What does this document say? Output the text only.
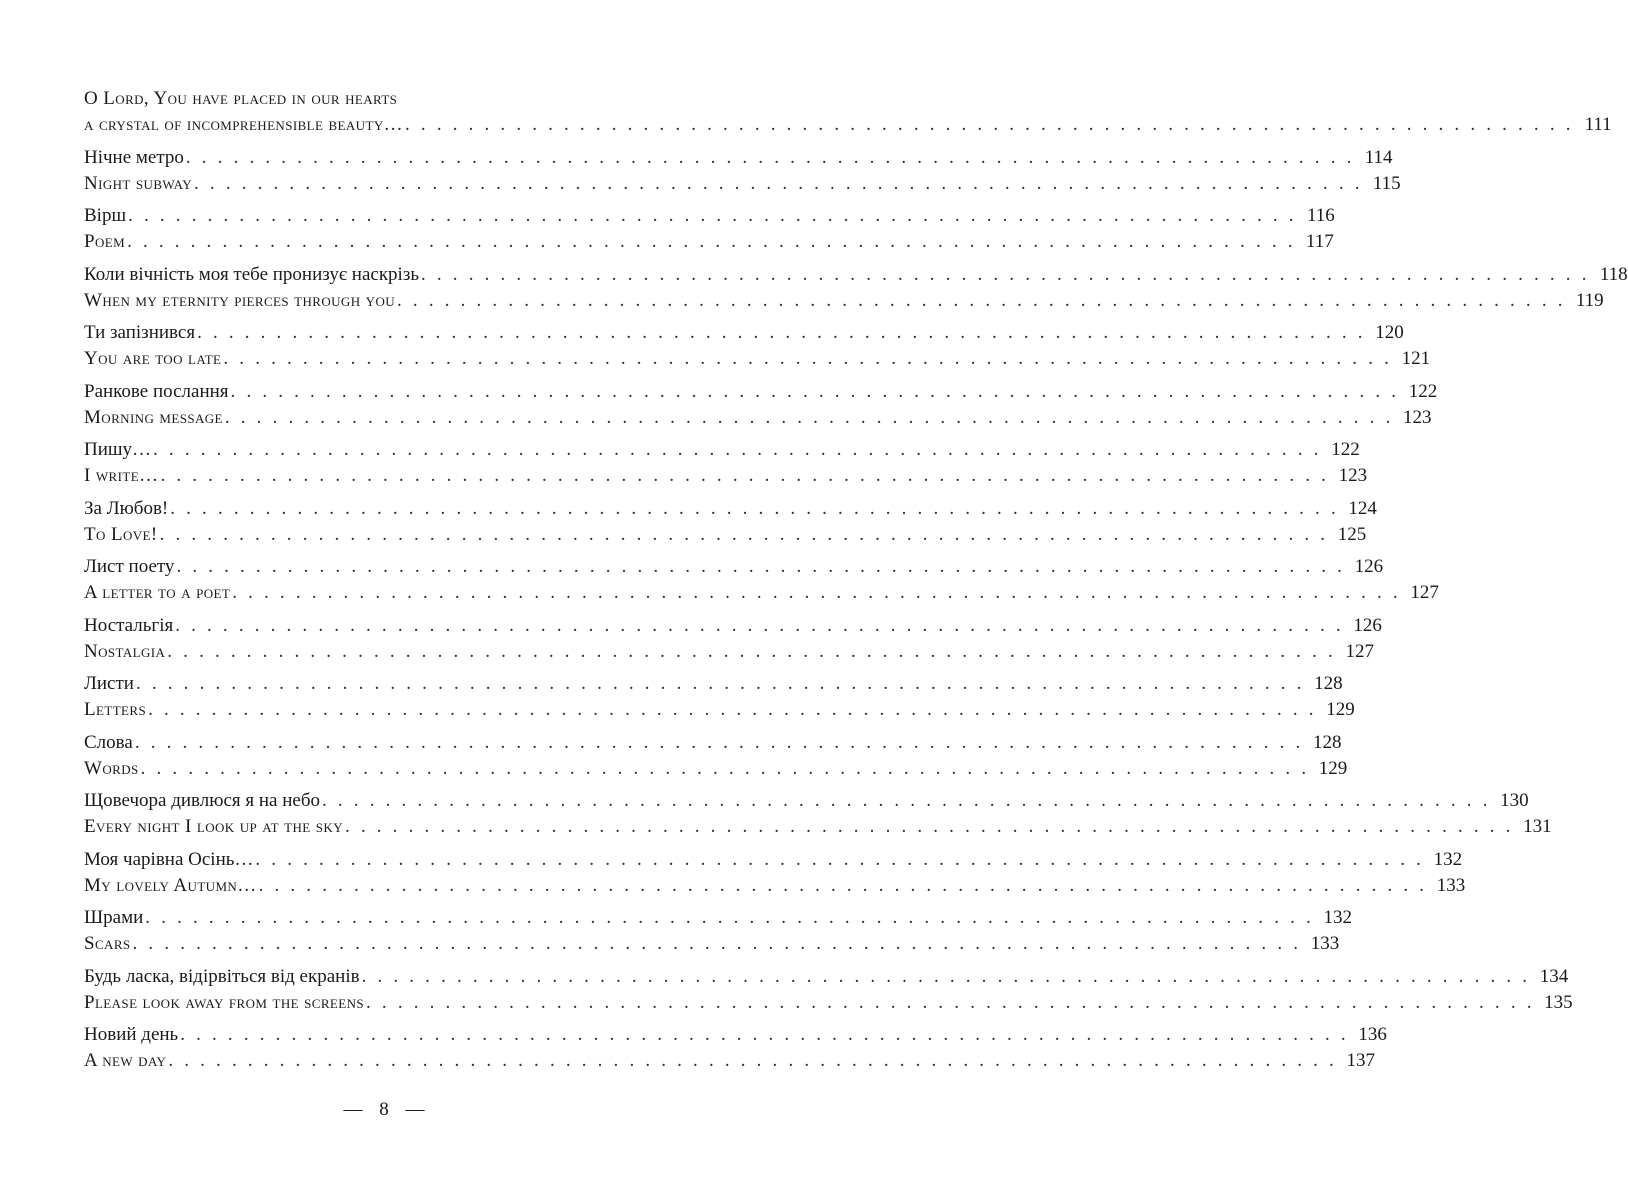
O Lord, You have placed in our hearts
a crystal of incomprehensible beauty… . . . . . . . . . . . . . . . . . . . . . . . . . . . . . . . . . . . . . . . . . . . . . . . . . . . . . . . . . . . . . . . . . . . . . . . . . . 111
Нічне метро . . . . . . . . . . . . . . . . . . . . . . . . . . . . . . . . . . . . . . . . . . . . . . . . . . . . . . . . . . . . . . . . . . . . . . . . . . 114
Night subway . . . . . . . . . . . . . . . . . . . . . . . . . . . . . . . . . . . . . . . . . . . . . . . . . . . . . . . . . . . . . . . . . . . . . . . . . . 115
Вірш . . . . . . . . . . . . . . . . . . . . . . . . . . . . . . . . . . . . . . . . . . . . . . . . . . . . . . . . . . . . . . . . . . . . . . . . . . 116
Poem . . . . . . . . . . . . . . . . . . . . . . . . . . . . . . . . . . . . . . . . . . . . . . . . . . . . . . . . . . . . . . . . . . . . . . . . . . 117
Коли вічність моя тебе пронизує наскрізь . . . . . . . . . . . . . . . . . . . . . . . . . . . . . . . . . . . . . . . . . . . . . . . . . . . . . . . . . . . . . . . . . . . . . . . . . . 118
When my eternity pierces through you . . . . . . . . . . . . . . . . . . . . . . . . . . . . . . . . . . . . . . . . . . . . . . . . . . . . . . . . . . . . . . . . . . . . . . . . . . 119
Ти запізнився . . . . . . . . . . . . . . . . . . . . . . . . . . . . . . . . . . . . . . . . . . . . . . . . . . . . . . . . . . . . . . . . . . . . . . . . . . 120
You are too late . . . . . . . . . . . . . . . . . . . . . . . . . . . . . . . . . . . . . . . . . . . . . . . . . . . . . . . . . . . . . . . . . . . . . . . . . . 121
Ранкове послання . . . . . . . . . . . . . . . . . . . . . . . . . . . . . . . . . . . . . . . . . . . . . . . . . . . . . . . . . . . . . . . . . . . . . . . . . . 122
Morning message . . . . . . . . . . . . . . . . . . . . . . . . . . . . . . . . . . . . . . . . . . . . . . . . . . . . . . . . . . . . . . . . . . . . . . . . . . 123
Пишу… . . . . . . . . . . . . . . . . . . . . . . . . . . . . . . . . . . . . . . . . . . . . . . . . . . . . . . . . . . . . . . . . . . . . . . . . . . 122
I write… . . . . . . . . . . . . . . . . . . . . . . . . . . . . . . . . . . . . . . . . . . . . . . . . . . . . . . . . . . . . . . . . . . . . . . . . . . 123
За Любов! . . . . . . . . . . . . . . . . . . . . . . . . . . . . . . . . . . . . . . . . . . . . . . . . . . . . . . . . . . . . . . . . . . . . . . . . . . 124
To Love! . . . . . . . . . . . . . . . . . . . . . . . . . . . . . . . . . . . . . . . . . . . . . . . . . . . . . . . . . . . . . . . . . . . . . . . . . . 125
Лист поету . . . . . . . . . . . . . . . . . . . . . . . . . . . . . . . . . . . . . . . . . . . . . . . . . . . . . . . . . . . . . . . . . . . . . . . . . . 126
A letter to a poet . . . . . . . . . . . . . . . . . . . . . . . . . . . . . . . . . . . . . . . . . . . . . . . . . . . . . . . . . . . . . . . . . . . . . . . . . . 127
Ностальгія . . . . . . . . . . . . . . . . . . . . . . . . . . . . . . . . . . . . . . . . . . . . . . . . . . . . . . . . . . . . . . . . . . . . . . . . . . 126
Nostalgia . . . . . . . . . . . . . . . . . . . . . . . . . . . . . . . . . . . . . . . . . . . . . . . . . . . . . . . . . . . . . . . . . . . . . . . . . . 127
Листи . . . . . . . . . . . . . . . . . . . . . . . . . . . . . . . . . . . . . . . . . . . . . . . . . . . . . . . . . . . . . . . . . . . . . . . . . . 128
Letters . . . . . . . . . . . . . . . . . . . . . . . . . . . . . . . . . . . . . . . . . . . . . . . . . . . . . . . . . . . . . . . . . . . . . . . . . . 129
Слова . . . . . . . . . . . . . . . . . . . . . . . . . . . . . . . . . . . . . . . . . . . . . . . . . . . . . . . . . . . . . . . . . . . . . . . . . . 128
Words . . . . . . . . . . . . . . . . . . . . . . . . . . . . . . . . . . . . . . . . . . . . . . . . . . . . . . . . . . . . . . . . . . . . . . . . . . 129
Щовечора дивлюся я на небо . . . . . . . . . . . . . . . . . . . . . . . . . . . . . . . . . . . . . . . . . . . . . . . . . . . . . . . . . . . . . . . . . . . . . . . . . . 130
Every night I look up at the sky . . . . . . . . . . . . . . . . . . . . . . . . . . . . . . . . . . . . . . . . . . . . . . . . . . . . . . . . . . . . . . . . . . . . . . . . . . 131
Моя чарівна Осінь… . . . . . . . . . . . . . . . . . . . . . . . . . . . . . . . . . . . . . . . . . . . . . . . . . . . . . . . . . . . . . . . . . . . . . . . . . . 132
My lovely Autumn… . . . . . . . . . . . . . . . . . . . . . . . . . . . . . . . . . . . . . . . . . . . . . . . . . . . . . . . . . . . . . . . . . . . . . . . . . . 133
Шрами . . . . . . . . . . . . . . . . . . . . . . . . . . . . . . . . . . . . . . . . . . . . . . . . . . . . . . . . . . . . . . . . . . . . . . . . . . 132
Scars . . . . . . . . . . . . . . . . . . . . . . . . . . . . . . . . . . . . . . . . . . . . . . . . . . . . . . . . . . . . . . . . . . . . . . . . . . 133
Будь ласка, відірвіться від екранів . . . . . . . . . . . . . . . . . . . . . . . . . . . . . . . . . . . . . . . . . . . . . . . . . . . . . . . . . . . . . . . . . . . . . . . . . . 134
Please look away from the screens . . . . . . . . . . . . . . . . . . . . . . . . . . . . . . . . . . . . . . . . . . . . . . . . . . . . . . . . . . . . . . . . . . . . . . . . . . 135
Новий день . . . . . . . . . . . . . . . . . . . . . . . . . . . . . . . . . . . . . . . . . . . . . . . . . . . . . . . . . . . . . . . . . . . . . . . . . . 136
A new day . . . . . . . . . . . . . . . . . . . . . . . . . . . . . . . . . . . . . . . . . . . . . . . . . . . . . . . . . . . . . . . . . . . . . . . . . . 137
— 8 —
